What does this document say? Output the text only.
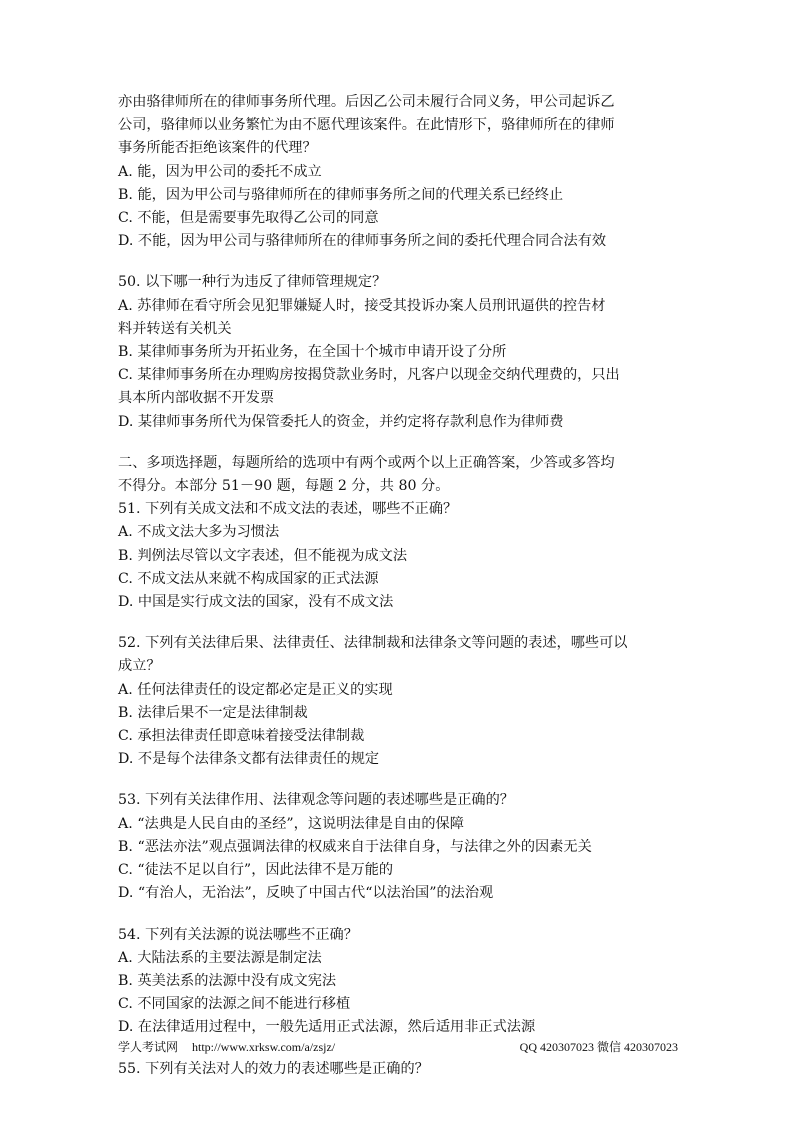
亦由骆律师所在的律师事务所代理。后因乙公司未履行合同义务，甲公司起诉乙
公司，骆律师以业务繁忙为由不愿代理该案件。在此情形下，骆律师所在的律师
事务所能否拒绝该案件的代理？
A. 能，因为甲公司的委托不成立
B. 能，因为甲公司与骆律师所在的律师事务所之间的代理关系已经终止
C. 不能，但是需要事先取得乙公司的同意
D. 不能，因为甲公司与骆律师所在的律师事务所之间的委托代理合同合法有效
50. 以下哪一种行为违反了律师管理规定？
A. 苏律师在看守所会见犯罪嫌疑人时，接受其投诉办案人员刑讯逼供的控告材
料并转送有关机关
B. 某律师事务所为开拓业务，在全国十个城市申请开设了分所
C. 某律师事务所在办理购房按揭贷款业务时，凡客户以现金交纳代理费的，只出
具本所内部收据不开发票
D. 某律师事务所代为保管委托人的资金，并约定将存款利息作为律师费
二、多项选择题，每题所给的选项中有两个或两个以上正确答案，少答或多答均
不得分。本部分 51－90 题，每题 2 分，共 80 分。
51. 下列有关成文法和不成文法的表述，哪些不正确？
A. 不成文法大多为习惯法
B. 判例法尽管以文字表述，但不能视为成文法
C. 不成文法从来就不构成国家的正式法源
D. 中国是实行成文法的国家，没有不成文法
52. 下列有关法律后果、法律责任、法律制裁和法律条文等问题的表述，哪些可以
成立？
A. 任何法律责任的设定都必定是正义的实现
B. 法律后果不一定是法律制裁
C. 承担法律责任即意味着接受法律制裁
D. 不是每个法律条文都有法律责任的规定
53. 下列有关法律作用、法律观念等问题的表述哪些是正确的？
A. “法典是人民自由的圣经”，这说明法律是自由的保障
B. “恶法亦法”观点强调法律的权威来自于法律自身，与法律之外的因素无关
C. “徒法不足以自行”，因此法律不是万能的
D. “有治人，无治法”，反映了中国古代“以法治国”的法治观
54. 下列有关法源的说法哪些不正确？
A. 大陆法系的主要法源是制定法
B. 英美法系的法源中没有成文宪法
C. 不同国家的法源之间不能进行移植
D. 在法律适用过程中，一般先适用正式法源，然后适用非正式法源
55. 下列有关法对人的效力的表述哪些是正确的？
学人考试网 http://www.xrksw.com/a/zsjz/	QQ 420307023 微信 420307023
